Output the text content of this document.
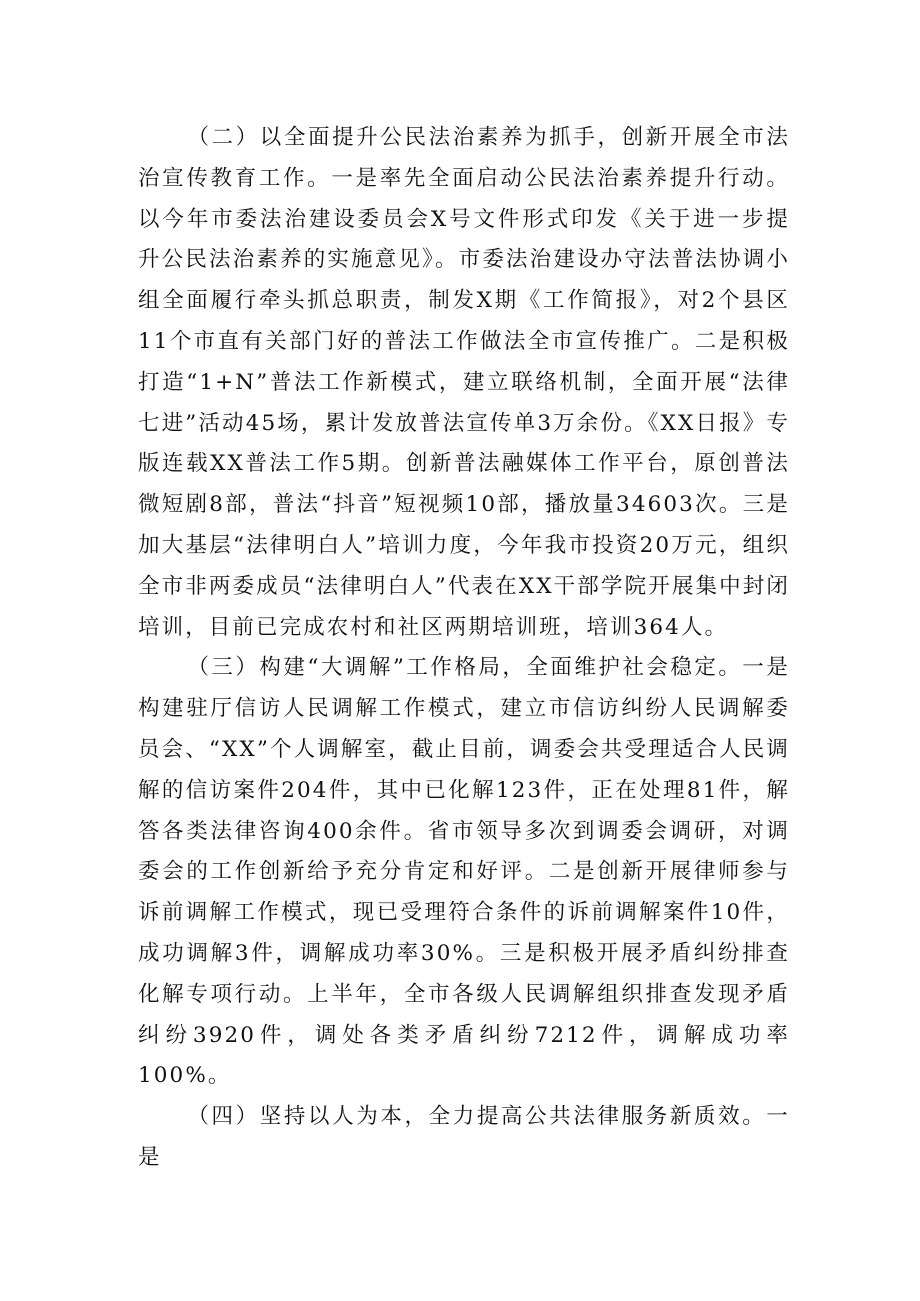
（二）以全面提升公民法治素养为抓手，创新开展全市法治宣传教育工作。一是率先全面启动公民法治素养提升行动。以今年市委法治建设委员会X号文件形式印发《关于进一步提升公民法治素养的实施意见》。市委法治建设办守法普法协调小组全面履行牵头抓总职责，制发X期《工作简报》，对2个县区11个市直有关部门好的普法工作做法全市宣传推广。二是积极打造“1+N”普法工作新模式，建立联络机制，全面开展“法律七进”活动45场，累计发放普法宣传单3万余份。《XX日报》专版连载XX普法工作5期。创新普法融媒体工作平台，原创普法微短剧8部，普法“抖音”短视频10部，播放量34603次。三是加大基层“法律明白人”培训力度，今年我市投资20万元，组织全市非两委成员“法律明白人”代表在XX干部学院开展集中封闭培训，目前已完成农村和社区两期培训班，培训364人。

（三）构建“大调解”工作格局，全面维护社会稳定。一是构建驻厅信访人民调解工作模式，建立市信访纠纷人民调解委员会、“XX”个人调解室，截止目前，调委会共受理适合人民调解的信访案件204件，其中已化解123件，正在处理81件，解答各类法律咨询400余件。省市领导多次到调委会调研，对调委会的工作创新给予充分肯定和好评。二是创新开展律师参与诉前调解工作模式，现已受理符合条件的诉前调解案件10件，成功调解3件，调解成功率30%。三是积极开展矛盾纠纷排查化解专项行动。上半年，全市各级人民调解组织排查发现矛盾纠纷3920件，调处各类矛盾纠纷7212件，调解成功率100%。

（四）坚持以人为本，全力提高公共法律服务新质效。一是
